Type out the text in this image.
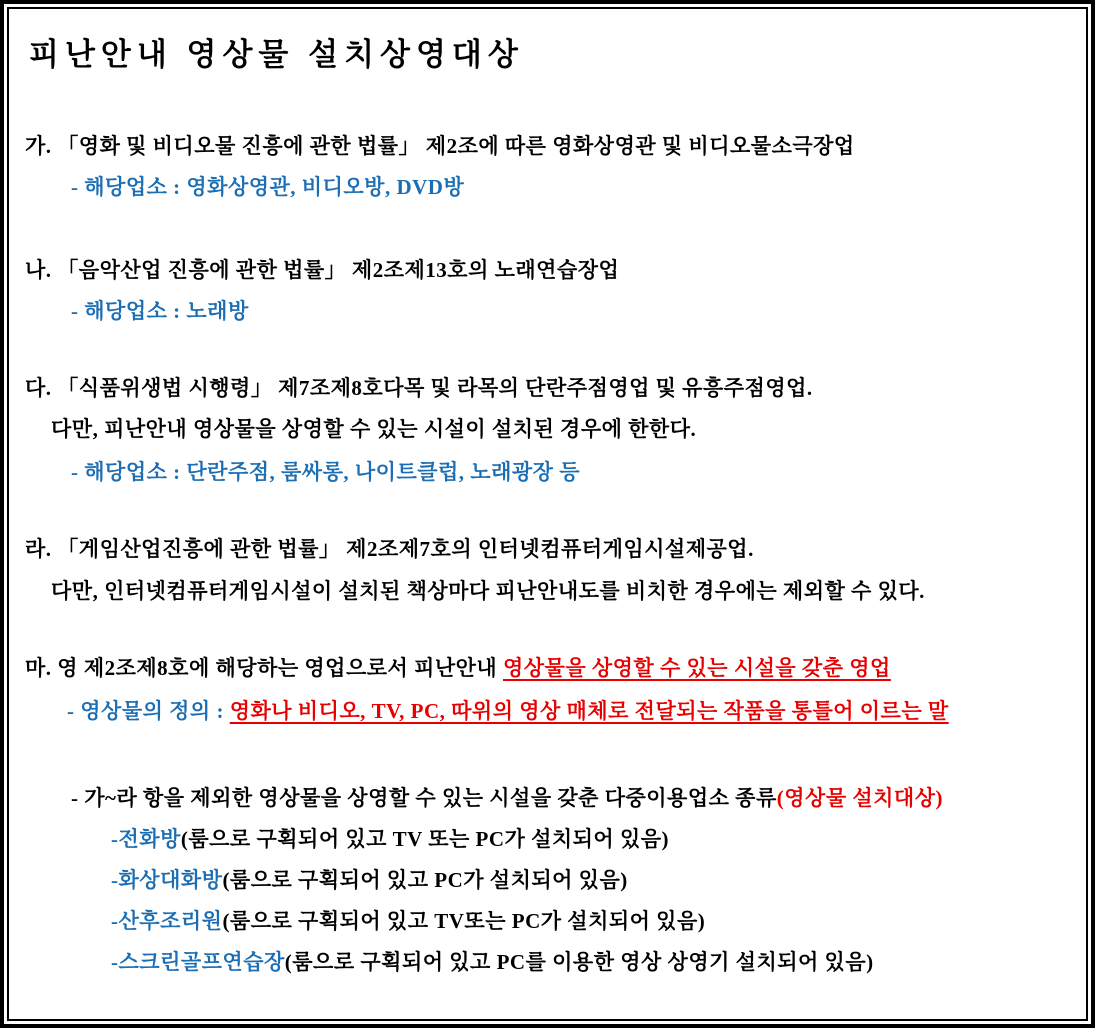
피난안내 영상물 설치상영대상

가. 「영화 및 비디오물 진흥에 관한 법률」 제2조에 따른 영화상영관 및 비디오물소극장업

- 해당업소 : 영화상영관, 비디오방, DVD방

나. 「음악산업 진흥에 관한 법률」 제2조제13호의 노래연습장업

- 해당업소 : 노래방

다. 「식품위생법 시행령」 제7조제8호다목 및 라목의 단란주점영업 및 유흥주점영업.

다만, 피난안내 영상물을 상영할 수 있는 시설이 설치된 경우에 한한다.

- 해당업소 : 단란주점, 룸싸롱, 나이트클럽, 노래광장 등

라. 「게임산업진흥에 관한 법률」 제2조제7호의 인터넷컴퓨터게임시설제공업.

다만, 인터넷컴퓨터게임시설이 설치된 책상마다 피난안내도를 비치한 경우에는 제외할 수 있다.

마. 영 제2조제8호에 해당하는 영업으로서 피난안내 영상물을 상영할 수 있는 시설을 갖춘 영업

- 영상물의 정의 : 영화나 비디오, TV, PC, 따위의 영상 매체로 전달되는 작품을 통틀어 이르는 말

- 가~라 항을 제외한 영상물을 상영할 수 있는 시설을 갖춘 다중이용업소 종류(영상물 설치대상)

-전화방(룸으로 구획되어 있고 TV 또는 PC가 설치되어 있음)

-화상대화방(룸으로 구획되어 있고 PC가 설치되어 있음)

-산후조리원(룸으로 구획되어 있고 TV또는 PC가 설치되어 있음)

-스크린골프연습장(룸으로 구획되어 있고 PC를 이용한 영상 상영기 설치되어 있음)
